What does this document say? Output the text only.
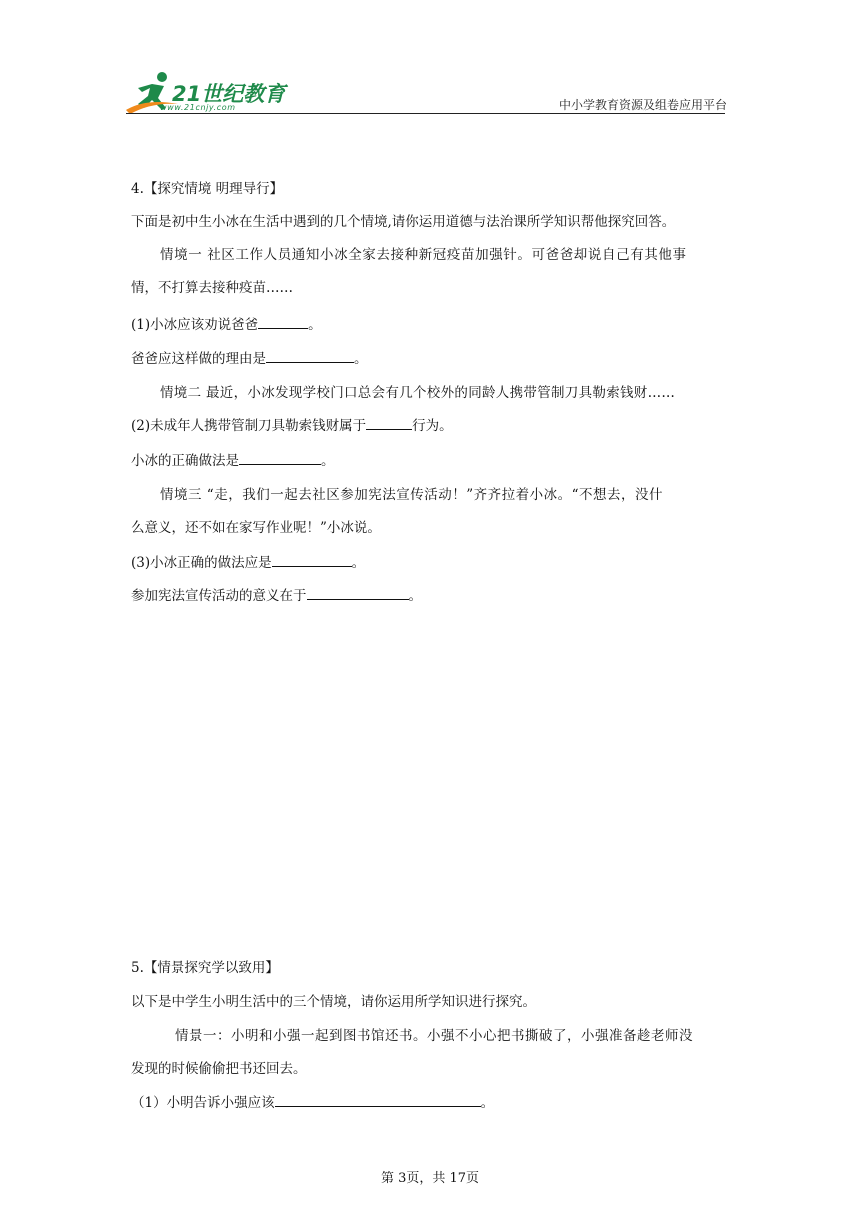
21世纪教育
www.21cnjy.com	中小学教育资源及组卷应用平台
4.【探究情境 明理导行】
下面是初中生小冰在生活中遇到的几个情境,请你运用道德与法治课所学知识帮他探究回答。
情境一 社区工作人员通知小冰全家去接种新冠疫苗加强针。可爸爸却说自己有其他事
情，不打算去接种疫苗……
(1)小冰应该劝说爸爸	。
爸爸应这样做的理由是	。
情境二 最近，小冰发现学校门口总会有几个校外的同龄人携带管制刀具勒索钱财……
(2)未成年人携带管制刀具勒索钱财属于	行为。
小冰的正确做法是	。
情境三 “走，我们一起去社区参加宪法宣传活动！”齐齐拉着小冰。“不想去，没什
么意义，还不如在家写作业呢！”小冰说。
(3)小冰正确的做法应是	。
参加宪法宣传活动的意义在于	。
5.【情景探究学以致用】
以下是中学生小明生活中的三个情境，请你运用所学知识进行探究。
情景一：小明和小强一起到图书馆还书。小强不小心把书撕破了，小强准备趁老师没
发现的时候偷偷把书还回去。
（1）小明告诉小强应该	。
第 3页，共 17页
